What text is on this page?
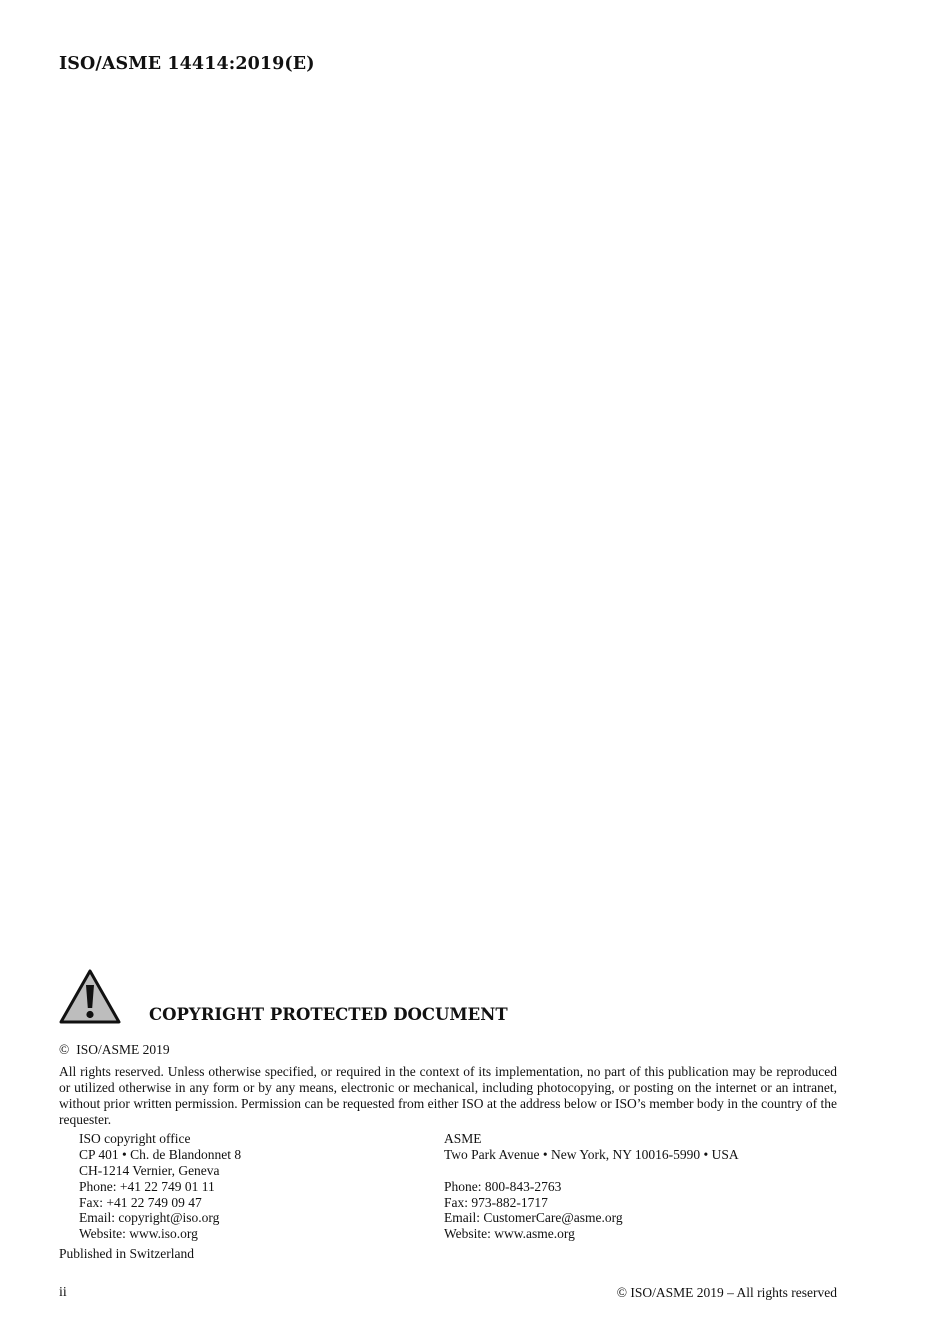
ISO/ASME 14414:2019(E)
COPYRIGHT PROTECTED DOCUMENT
© ISO/ASME 2019
All rights reserved. Unless otherwise specified, or required in the context of its implementation, no part of this publication may be reproduced or utilized otherwise in any form or by any means, electronic or mechanical, including photocopying, or posting on the internet or an intranet, without prior written permission. Permission can be requested from either ISO at the address below or ISO’s member body in the country of the requester.
ISO copyright office
CP 401 • Ch. de Blandonnet 8
CH-1214 Vernier, Geneva
Phone: +41 22 749 01 11
Fax: +41 22 749 09 47
Email: copyright@iso.org
Website: www.iso.org
ASME
Two Park Avenue • New York, NY 10016-5990 • USA
Phone: 800-843-2763
Fax: 973-882-1717
Email: CustomerCare@asme.org
Website: www.asme.org
Published in Switzerland
ii	© ISO/ASME 2019 – All rights reserved
